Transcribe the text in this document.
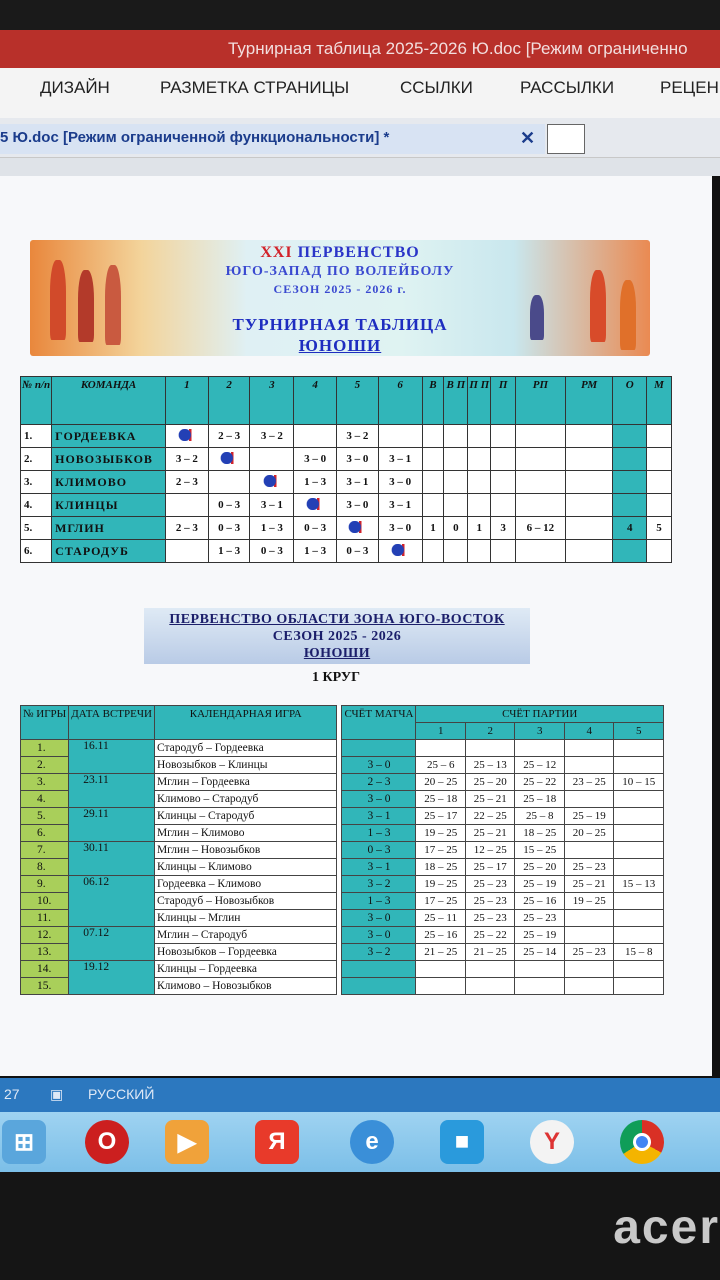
Турнирная таблица 2025-2026 Ю.doc [Режим ограниченно
ДИЗАЙН	РАЗМЕТКА СТРАНИЦЫ	ССЫЛКИ	РАССЫЛКИ	РЕЦЕН
5 Ю.doc [Режим ограниченной функциональности] *	✕
XXI ПЕРВЕНСТВО
ЮГО-ЗАПАД ПО ВОЛЕЙБОЛУ
СЕЗОН 2025 - 2026 г.
ТУРНИРНАЯ ТАБЛИЦА
ЮНОШИ
№ п/п	КОМАНДА	1	2	3	4	5	6	В	В П	П П	П	РП	РМ	О	М
1.	ГОРДЕЕВКА		2 – 3	3 – 2		3 – 2									
2.	НОВОЗЫБКОВ	3 – 2			3 – 0	3 – 0	3 – 1								
3.	КЛИМОВО	2 – 3			1 – 3	3 – 1	3 – 0								
4.	КЛИНЦЫ		0 – 3	3 – 1		3 – 0	3 – 1								
5.	МГЛИН	2 – 3	0 – 3	1 – 3	0 – 3		3 – 0	1	0	1	3	6 – 12		4	5
6.	СТАРОДУБ		1 – 3	0 – 3	1 – 3	0 – 3									
ПЕРВЕНСТВО ОБЛАСТИ ЗОНА ЮГО-ВОСТОК
СЕЗОН 2025 - 2026
ЮНОШИ
1 КРУГ
№ ИГРЫ	ДАТА ВСТРЕЧИ	КАЛЕНДАРНАЯ ИГРА		СЧЁТ МАТЧА	СЧЁТ ПАРТИИ				
					1	2	3	4	5
1.	16.11	Стародуб – Гордеевка							
2.		Новозыбков – Клинцы		3 – 0	25 – 6	25 – 13	25 – 12		
3.	23.11	Мглин – Гордеевка		2 – 3	20 – 25	25 – 20	25 – 22	23 – 25	10 – 15
4.		Климово – Стародуб		3 – 0	25 – 18	25 – 21	25 – 18		
5.	29.11	Клинцы – Стародуб		3 – 1	25 – 17	22 – 25	25 – 8	25 – 19	
6.		Мглин – Климово		1 – 3	19 – 25	25 – 21	18 – 25	20 – 25	
7.	30.11	Мглин – Новозыбков		0 – 3	17 – 25	12 – 25	15 – 25		
8.		Клинцы – Климово		3 – 1	18 – 25	25 – 17	25 – 20	25 – 23	
9.	06.12	Гордеевка – Климово		3 – 2	19 – 25	25 – 23	25 – 19	25 – 21	15 – 13
10.		Стародуб – Новозыбков		1 – 3	17 – 25	25 – 23	25 – 16	19 – 25	
11.		Клинцы – Мглин		3 – 0	25 – 11	25 – 23	25 – 23		
12.	07.12	Мглин – Стародуб		3 – 0	25 – 16	25 – 22	25 – 19		
13.		Новозыбков – Гордеевка		3 – 2	21 – 25	21 – 25	25 – 14	25 – 23	15 – 8
14.	19.12	Клинцы – Гордеевка							
15.		Климово – Новозыбков							
27 ▣ РУССКИЙ
⊞	O	▶	Я	e	■	Y
acer
